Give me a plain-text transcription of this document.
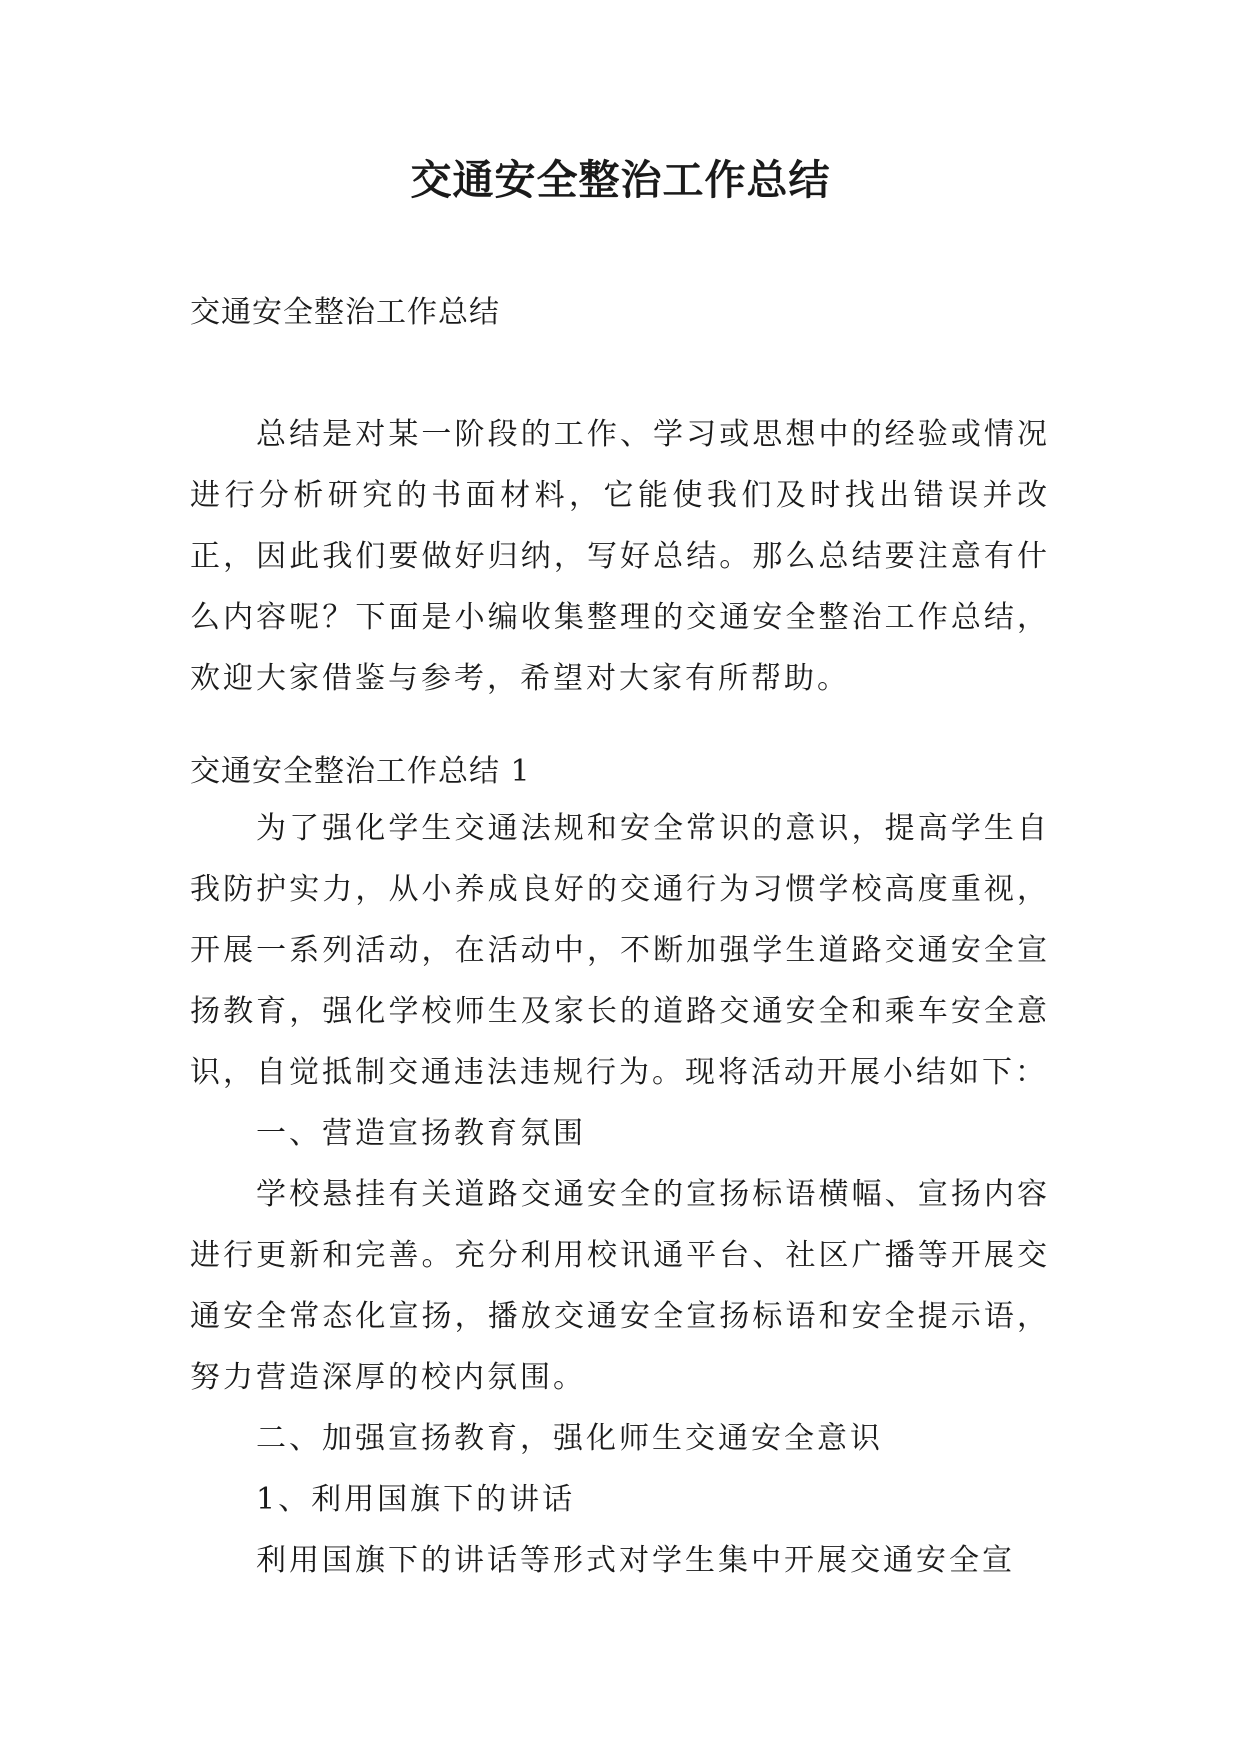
交通安全整治工作总结

交通安全整治工作总结

总结是对某一阶段的工作、学习或思想中的经验或情况进行分析研究的书面材料，它能使我们及时找出错误并改正，因此我们要做好归纳，写好总结。那么总结要注意有什么内容呢？下面是小编收集整理的交通安全整治工作总结，欢迎大家借鉴与参考，希望对大家有所帮助。

交通安全整治工作总结 1

为了强化学生交通法规和安全常识的意识，提高学生自我防护实力，从小养成良好的交通行为习惯学校高度重视，开展一系列活动，在活动中，不断加强学生道路交通安全宣扬教育，强化学校师生及家长的道路交通安全和乘车安全意识，自觉抵制交通违法违规行为。现将活动开展小结如下：

一、营造宣扬教育氛围

学校悬挂有关道路交通安全的宣扬标语横幅、宣扬内容进行更新和完善。充分利用校讯通平台、社区广播等开展交通安全常态化宣扬，播放交通安全宣扬标语和安全提示语，努力营造深厚的校内氛围。

二、加强宣扬教育，强化师生交通安全意识

1、利用国旗下的讲话

利用国旗下的讲话等形式对学生集中开展交通安全宣
